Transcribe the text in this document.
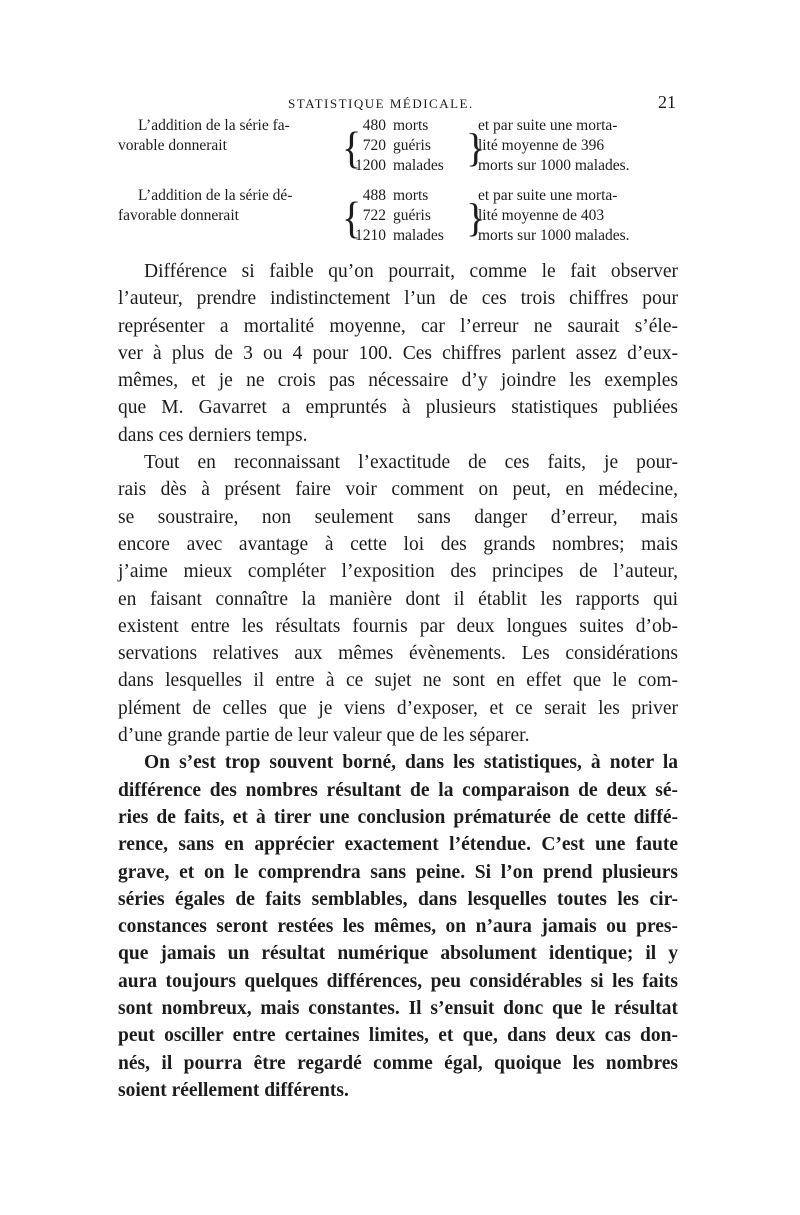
STATISTIQUE MÉDICALE.	21
L’addition de la série fa-
vorable donnerait	{ 480 morts
720 guéris
1200 malades }
et par suite une morta-
lité moyenne de 396
morts sur 1000 malades.
L’addition de la série dé-
favorable donnerait	{ 488 morts
722 guéris
1210 malades }
et par suite une morta-
lité moyenne de 403
morts sur 1000 malades.
Différence si faible qu’on pourrait, comme le fait observer
l’auteur, prendre indistinctement l’un de ces trois chiffres pour
représenter a mortalité moyenne, car l’erreur ne saurait s’éle-
ver à plus de 3 ou 4 pour 100. Ces chiffres parlent assez d’eux-
mêmes, et je ne crois pas nécessaire d’y joindre les exemples
que M. Gavarret a empruntés à plusieurs statistiques publiées
dans ces derniers temps.
Tout en reconnaissant l’exactitude de ces faits, je pour-
rais dès à présent faire voir comment on peut, en médecine,
se soustraire, non seulement sans danger d’erreur, mais
encore avec avantage à cette loi des grands nombres; mais
j’aime mieux compléter l’exposition des principes de l’auteur,
en faisant connaître la manière dont il établit les rapports qui
existent entre les résultats fournis par deux longues suites d’ob-
servations relatives aux mêmes évènements. Les considérations
dans lesquelles il entre à ce sujet ne sont en effet que le com-
plément de celles que je viens d’exposer, et ce serait les priver
d’une grande partie de leur valeur que de les séparer.
On s’est trop souvent borné, dans les statistiques, à noter la
différence des nombres résultant de la comparaison de deux sé-
ries de faits, et à tirer une conclusion prématurée de cette diffé-
rence, sans en apprécier exactement l’étendue. C’est une faute
grave, et on le comprendra sans peine. Si l’on prend plusieurs
séries égales de faits semblables, dans lesquelles toutes les cir-
constances seront restées les mêmes, on n’aura jamais ou pres-
que jamais un résultat numérique absolument identique; il y
aura toujours quelques différences, peu considérables si les faits
sont nombreux, mais constantes. Il s’ensuit donc que le résultat
peut osciller entre certaines limites, et que, dans deux cas don-
nés, il pourra être regardé comme égal, quoique les nombres
soient réellement différents.
